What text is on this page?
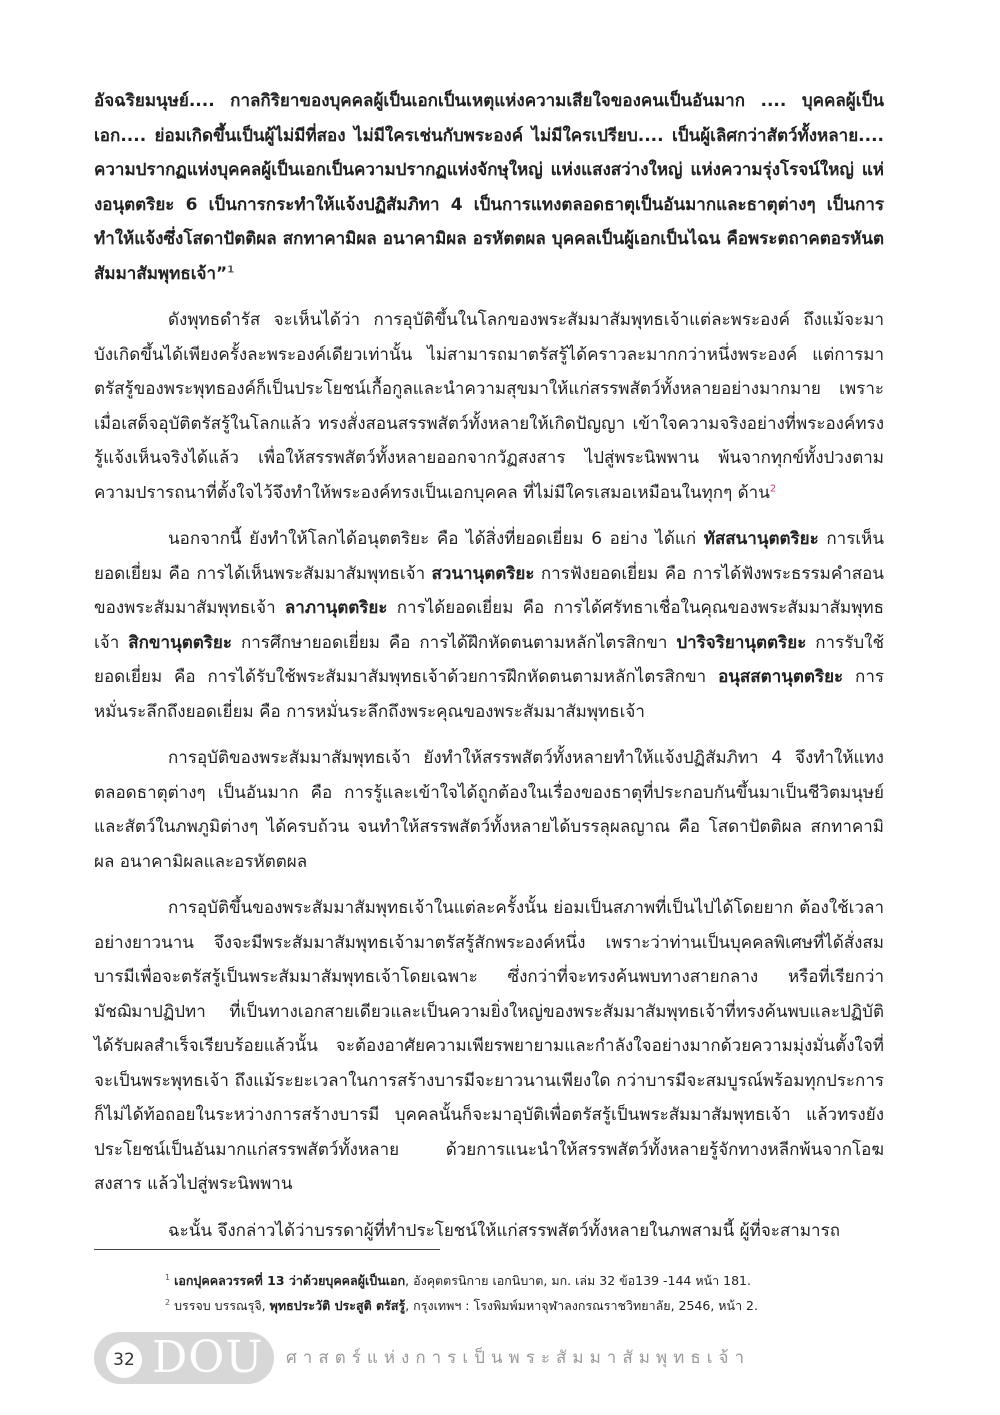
อัจฉริยมนุษย์.... กาลกิริยาของบุคคลผู้เป็นเอกเป็นเหตุแห่งความเสียใจของคนเป็นอันมาก .... บุคคลผู้เป็นเอก.... ย่อมเกิดขึ้นเป็นผู้ไม่มีที่สอง ไม่มีใครเช่นกับพระองค์ ไม่มีใครเปรียบ.... เป็นผู้เลิศกว่าสัตว์ทั้งหลาย.... ความปรากฏแห่งบุคคลผู้เป็นเอกเป็นความปรากฏแห่งจักษุใหญ่ แห่งแสงสว่างใหญ่ แห่งความรุ่งโรจน์ใหญ่ แห่งอนุตตริยะ 6 เป็นการกระทำให้แจ้งปฏิสัมภิทา 4 เป็นการแทงตลอดธาตุเป็นอันมากและธาตุต่างๆ เป็นการทำให้แจ้งซึ่งโสดาปัตติผล สกทาคามิผล อนาคามิผล อรหัตตผล บุคคลเป็นผู้เอกเป็นไฉน คือพระตถาคตอรหันตสัมมาสัมพุทธเจ้า”$^1$

ดังพุทธดำรัส จะเห็นได้ว่า การอุบัติขึ้นในโลกของพระสัมมาสัมพุทธเจ้าแต่ละพระองค์ ถึงแม้จะมาบังเกิดขึ้นได้เพียงครั้งละพระองค์เดียวเท่านั้น ไม่สามารถมาตรัสรู้ได้คราวละมากกว่าหนึ่งพระองค์ แต่การมาตรัสรู้ของพระพุทธองค์ก็เป็นประโยชน์เกื้อกูลและนำความสุขมาให้แก่สรรพสัตว์ทั้งหลายอย่างมากมาย เพราะเมื่อเสด็จอุบัติตรัสรู้ในโลกแล้ว ทรงสั่งสอนสรรพสัตว์ทั้งหลายให้เกิดปัญญา เข้าใจความจริงอย่างที่พระองค์ทรงรู้แจ้งเห็นจริงได้แล้ว เพื่อให้สรรพสัตว์ทั้งหลายออกจากวัฏสงสาร ไปสู่พระนิพพาน พ้นจากทุกข์ทั้งปวงตามความปรารถนาที่ตั้งใจไว้จึงทำให้พระองค์ทรงเป็นเอกบุคคล ที่ไม่มีใครเสมอเหมือนในทุกๆ ด้าน$^2$

นอกจากนี้ ยังทำให้โลกได้อนุตตริยะ คือ ได้สิ่งที่ยอดเยี่ยม 6 อย่าง ได้แก่ ทัสสนานุตตริยะ การเห็นยอดเยี่ยม คือ การได้เห็นพระสัมมาสัมพุทธเจ้า สวนานุตตริยะ การฟังยอดเยี่ยม คือ การได้ฟังพระธรรมคำสอนของพระสัมมาสัมพุทธเจ้า ลาภานุตตริยะ การได้ยอดเยี่ยม คือ การได้ศรัทธาเชื่อในคุณของพระสัมมาสัมพุทธเจ้า สิกขานุตตริยะ การศึกษายอดเยี่ยม คือ การได้ฝึกหัดตนตามหลักไตรสิกขา ปาริจริยานุตตริยะ การรับใช้ยอดเยี่ยม คือ การได้รับใช้พระสัมมาสัมพุทธเจ้าด้วยการฝึกหัดตนตามหลักไตรสิกขา อนุสสตานุตตริยะ การหมั่นระลึกถึงยอดเยี่ยม คือ การหมั่นระลึกถึงพระคุณของพระสัมมาสัมพุทธเจ้า

การอุบัติของพระสัมมาสัมพุทธเจ้า ยังทำให้สรรพสัตว์ทั้งหลายทำให้แจ้งปฏิสัมภิทา 4 จึงทำให้แทงตลอดธาตุต่างๆ เป็นอันมาก คือ การรู้และเข้าใจได้ถูกต้องในเรื่องของธาตุที่ประกอบกันขึ้นมาเป็นชีวิตมนุษย์และสัตว์ในภพภูมิต่างๆ ได้ครบถ้วน จนทำให้สรรพสัตว์ทั้งหลายได้บรรลุผลญาณ คือ โสดาปัตติผล สกทาคามิผล อนาคามิผลและอรหัตตผล

การอุบัติขึ้นของพระสัมมาสัมพุทธเจ้าในแต่ละครั้งนั้น ย่อมเป็นสภาพที่เป็นไปได้โดยยาก ต้องใช้เวลาอย่างยาวนาน จึงจะมีพระสัมมาสัมพุทธเจ้ามาตรัสรู้สักพระองค์หนึ่ง เพราะว่าท่านเป็นบุคคลพิเศษที่ได้สั่งสมบารมีเพื่อจะตรัสรู้เป็นพระสัมมาสัมพุทธเจ้าโดยเฉพาะ ซึ่งกว่าที่จะทรงค้นพบทางสายกลาง หรือที่เรียกว่า มัชฌิมาปฏิปทา ที่เป็นทางเอกสายเดียวและเป็นความยิ่งใหญ่ของพระสัมมาสัมพุทธเจ้าที่ทรงค้นพบและปฏิบัติได้รับผลสำเร็จเรียบร้อยแล้วนั้น จะต้องอาศัยความเพียรพยายามและกำลังใจอย่างมากด้วยความมุ่งมั่นตั้งใจที่จะเป็นพระพุทธเจ้า ถึงแม้ระยะเวลาในการสร้างบารมีจะยาวนานเพียงใด กว่าบารมีจะสมบูรณ์พร้อมทุกประการ ก็ไม่ได้ท้อถอยในระหว่างการสร้างบารมี บุคคลนั้นก็จะมาอุบัติเพื่อตรัสรู้เป็นพระสัมมาสัมพุทธเจ้า แล้วทรงยังประโยชน์เป็นอันมากแก่สรรพสัตว์ทั้งหลาย ด้วยการแนะนำให้สรรพสัตว์ทั้งหลายรู้จักทางหลีกพ้นจากโอฆสงสาร แล้วไปสู่พระนิพพาน

ฉะนั้น จึงกล่าวได้ว่าบรรดาผู้ที่ทำประโยชน์ให้แก่สรรพสัตว์ทั้งหลายในภพสามนี้ ผู้ที่จะสามารถ

$^1$ เอกปุคคลวรรคที่ 13 ว่าด้วยบุคคลผู้เป็นเอก, อังคุตตรนิกาย เอกนิบาต, มก. เล่ม 32 ข้อ139 -144 หน้า 181.
$^2$ บรรจบ บรรณรุจิ, พุทธประวัติ ประสูติ ตรัสรู้, กรุงเทพฯ : โรงพิมพ์มหาจุฬาลงกรณราชวิทยาลัย, 2546, หน้า 2.
32 DOU ศาสตร์แห่งการเป็นพระสัมมาสัมพุทธเจ้า
